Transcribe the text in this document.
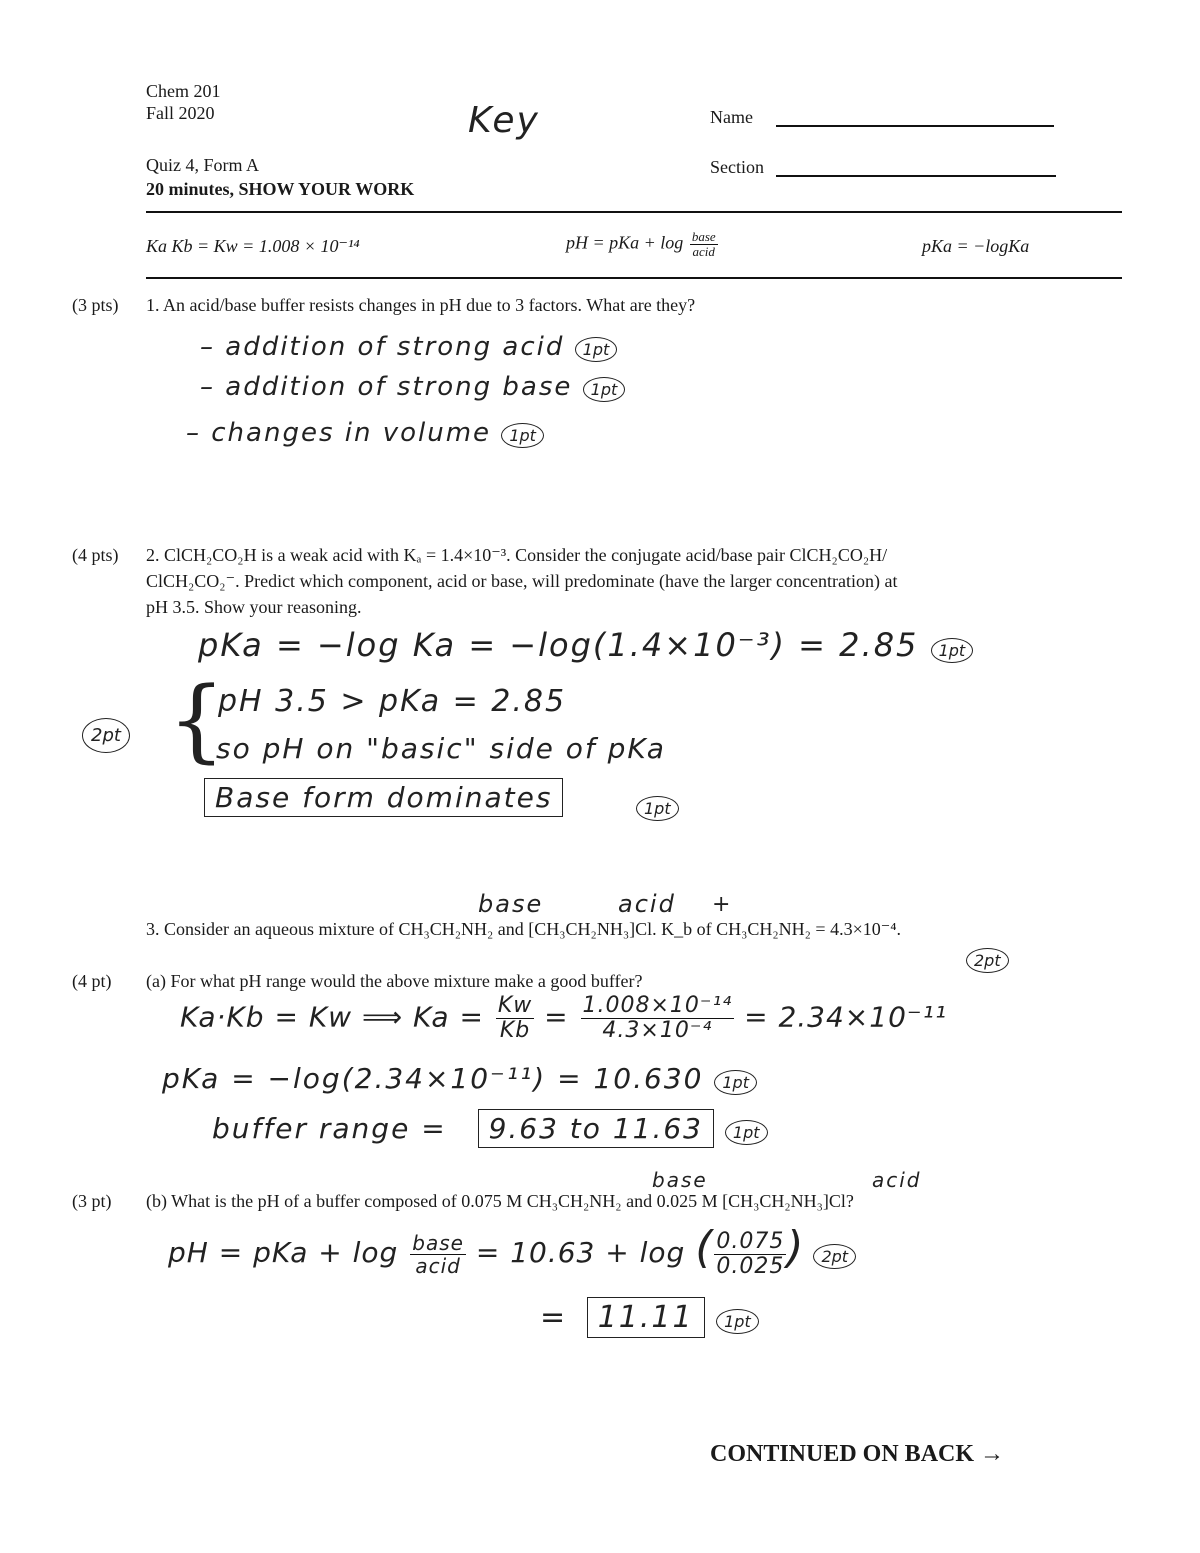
Chem 201
Fall 2020	Key
Quiz 4, Form A
20 minutes, SHOW YOUR WORK
Name
Section
Ka Kb = Kw = 1.008 × 10⁻¹⁴	pH = pKa + $\log \frac{\text{base}}{\text{acid}}$	pKa = −logKa
(3 pts) 1. An acid/base buffer resists changes in pH due to 3 factors. What are they?
– addition of strong acid 1pt
– addition of strong base 1pt
– changes in volume 1pt
(4 pts) 2. ClCH₂CO₂H is a weak acid with Kₐ = 1.4×10⁻³. Consider the conjugate acid/base pair ClCH₂CO₂H/
ClCH₂CO₂⁻. Predict which component, acid or base, will predominate (have the larger concentration) at
pH 3.5. Show your reasoning.
pKa = −log Ka = −log(1.4×10⁻³) = 2.85 1pt
2pt {
pH 3.5 > pKa = 2.85
so pH on "basic" side of pKa
Base form dominates	1pt
base	acid +
3. Consider an aqueous mixture of CH₃CH₂NH₂ and [CH₃CH₂NH₃]Cl. K_b of CH₃CH₂NH₂ = 4.3×10⁻⁴.
(4 pt) (a) For what pH range would the above mixture make a good buffer?
2pt
Ka·Kb = Kw ⟹ $Ka = \frac{Kw}{Kb} = \frac{\text{1.008×10⁻¹⁴}}{\text{4.3×10⁻⁴}} = 2.34\times 10^{-11}$
pKa = −log(2.34×10⁻¹¹) = 10.630 1pt
buffer range = 9.63 to 11.63 1pt
base	acid
(3 pt) (b) What is the pH of a buffer composed of 0.075 M CH₃CH₂NH₂ and 0.025 M [CH₃CH₂NH₃]Cl?
pH = pKa + $\log \frac{\text{base}}{\text{acid}} = 10.63 + \log$ ( $\frac{0.075}{0.025}$ ) 2pt
= 11.11 1pt
CONTINUED ON BACK →
